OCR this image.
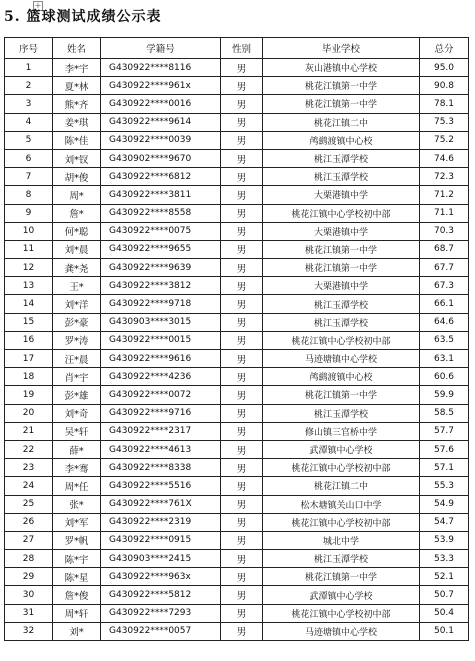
+
5. 篮球测试成绩公示表
序号	姓名	学籍号	性别	毕业学校	总分
1	李*宇	G430922****8116	男	灰山港镇中心学校	95.0
2	夏*林	G430922****961x	男	桃花江镇第一中学	90.8
3	熊*齐	G430922****0016	男	桃花江镇第一中学	78.1
4	姜*琪	G430922****9614	男	桃花江镇二中	75.3
5	陈*佳	G430922****0039	男	鸬鹚渡镇中心校	75.2
6	刘*钗	G430902****9670	男	桃江玉潭学校	74.6
7	胡*俊	G430922****6812	男	桃江玉潭学校	72.3
8	周*	G430922****3811	男	大栗港镇中学	71.2
9	詹*	G430922****8558	男	桃花江镇中心学校初中部	71.1
10	何*聪	G430922****0075	男	大栗港镇中学	70.3
11	刘*晨	G430922****9655	男	桃花江镇第一中学	68.7
12	龚*尧	G430922****9639	男	桃花江镇第一中学	67.7
13	王*	G430922****3812	男	大栗港镇中学	67.3
14	刘*洋	G430922****9718	男	桃江玉潭学校	66.1
15	彭*豪	G430903****3015	男	桃江玉潭学校	64.6
16	罗*涛	G430922****0015	男	桃花江镇中心学校初中部	63.5
17	汪*晨	G430922****9616	男	马迹塘镇中心学校	63.1
18	肖*宇	G430922****4236	男	鸬鹚渡镇中心校	60.6
19	彭*雄	G430922****0072	男	桃花江镇第一中学	59.9
20	刘*奇	G430922****9716	男	桃江玉潭学校	58.5
21	吴*轩	G430922****2317	男	修山镇三官桥中学	57.7
22	薛*	G430922****4613	男	武潭镇中心学校	57.6
23	李*骞	G430922****8338	男	桃花江镇中心学校初中部	57.1
24	周*任	G430922****5516	男	桃花江镇二中	55.3
25	张*	G430922****761X	男	松木塘镇关山口中学	54.9
26	刘*军	G430922****2319	男	桃花江镇中心学校初中部	54.7
27	罗*帆	G430922****0915	男	城北中学	53.9
28	陈*宇	G430903****2415	男	桃江玉潭学校	53.3
29	陈*星	G430922****963x	男	桃花江镇第一中学	52.1
30	詹*俊	G430922****5812	男	武潭镇中心学校	50.7
31	周*轩	G430922****7293	男	桃花江镇中心学校初中部	50.4
32	刘*	G430922****0057	男	马迹塘镇中心学校	50.1
